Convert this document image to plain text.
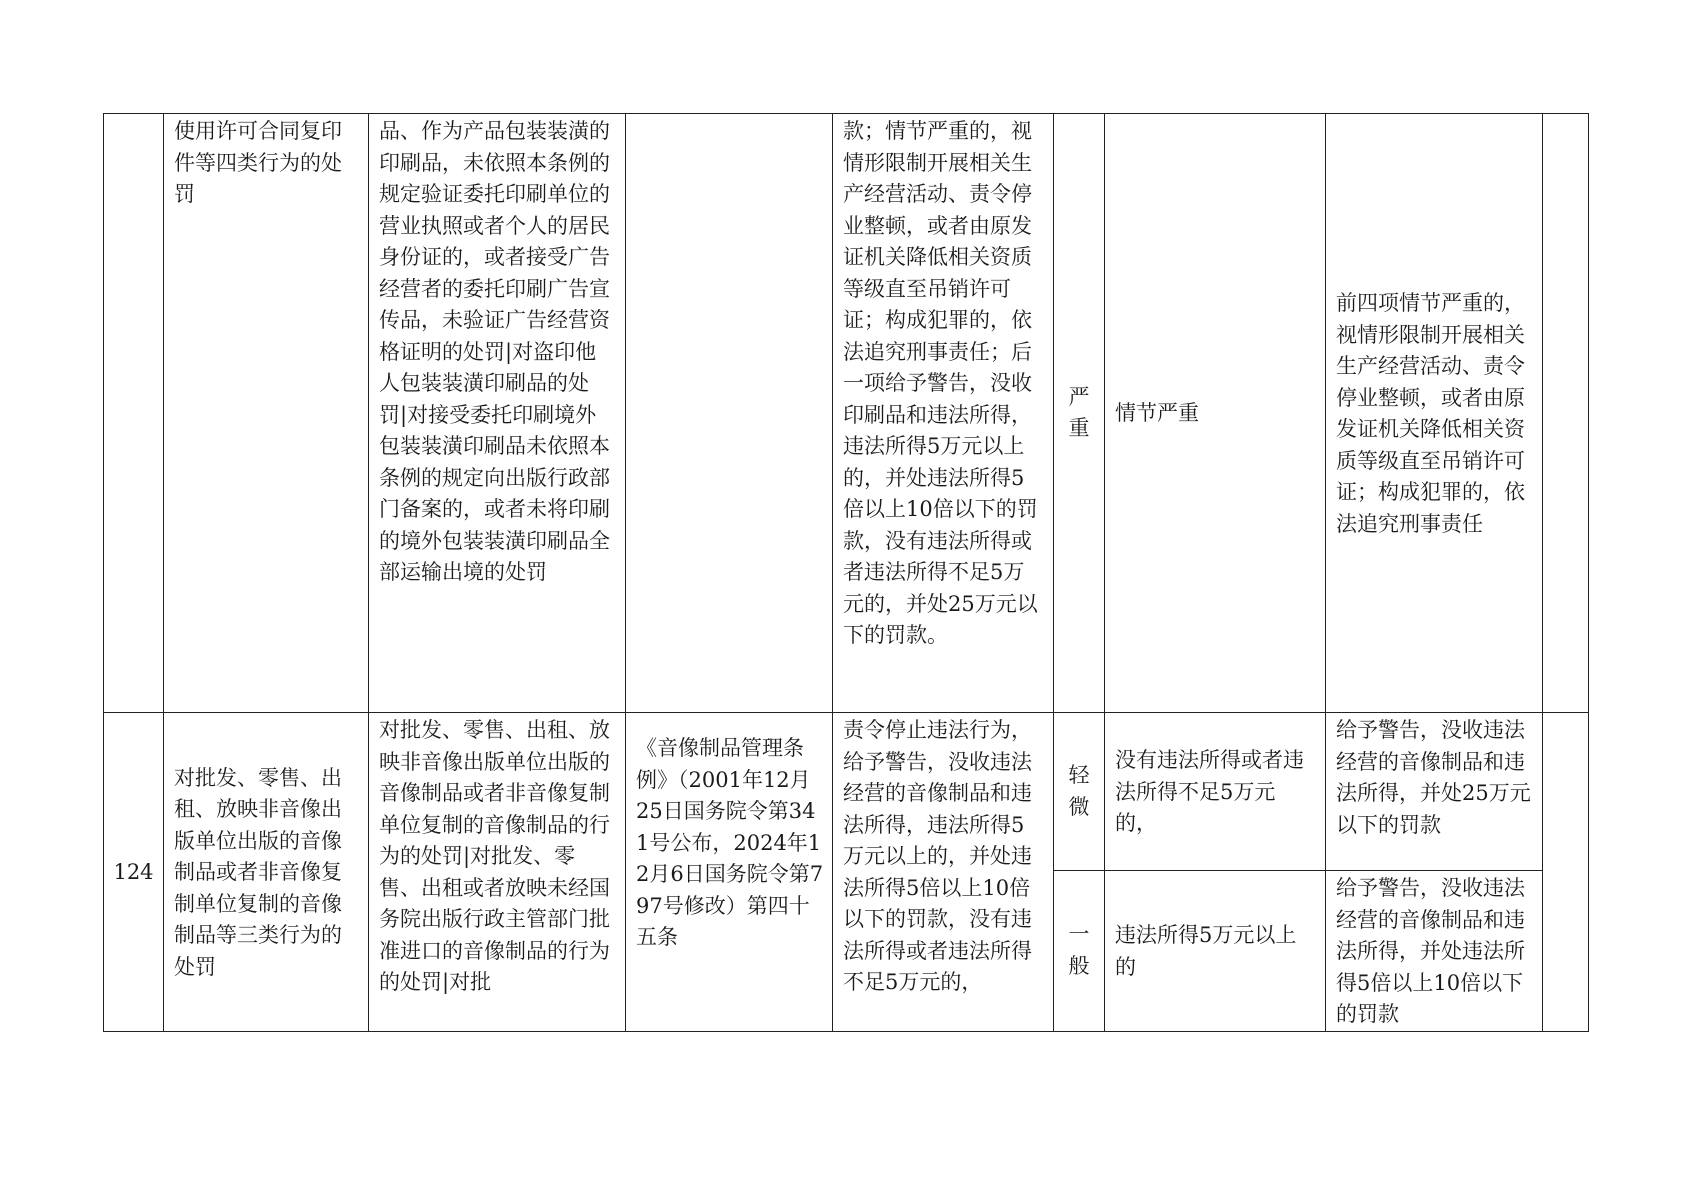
	使用许可合同复印件等四类行为的处罚	品、作为产品包装装潢的印刷品，未依照本条例的规定验证委托印刷单位的营业执照或者个人的居民身份证的，或者接受广告经营者的委托印刷广告宣传品，未验证广告经营资格证明的处罚|对盗印他人包装装潢印刷品的处罚|对接受委托印刷境外包装装潢印刷品未依照本条例的规定向出版行政部门备案的，或者未将印刷的境外包装装潢印刷品全部运输出境的处罚		款；情节严重的，视情形限制开展相关生产经营活动、责令停业整顿，或者由原发证机关降低相关资质等级直至吊销许可证；构成犯罪的，依法追究刑事责任；后一项给予警告，没收印刷品和违法所得，违法所得5万元以上的，并处违法所得5倍以上10倍以下的罚款，没有违法所得或者违法所得不足5万元的，并处25万元以下的罚款。	严重	情节严重	前四项情节严重的，视情形限制开展相关生产经营活动、责令停业整顿，或者由原发证机关降低相关资质等级直至吊销许可证；构成犯罪的，依法追究刑事责任	
124	对批发、零售、出租、放映非音像出版单位出版的音像制品或者非音像复制单位复制的音像制品等三类行为的处罚	对批发、零售、出租、放映非音像出版单位出版的音像制品或者非音像复制单位复制的音像制品的行为的处罚|对批发、零售、出租或者放映未经国务院出版行政主管部门批准进口的音像制品的行为的处罚|对批	《音像制品管理条例》（2001年12月25日国务院令第341号公布，2024年12月6日国务院令第797号修改）第四十五条	责令停止违法行为，给予警告，没收违法经营的音像制品和违法所得，违法所得5万元以上的，并处违法所得5倍以上10倍以下的罚款，没有违法所得或者违法所得不足5万元的，	轻微	没有违法所得或者违法所得不足5万元的，	给予警告，没收违法经营的音像制品和违法所得，并处25万元以下的罚款	

					一般	违法所得5万元以上的	给予警告，没收违法经营的音像制品和违法所得，并处违法所得5倍以上10倍以下的罚款	
